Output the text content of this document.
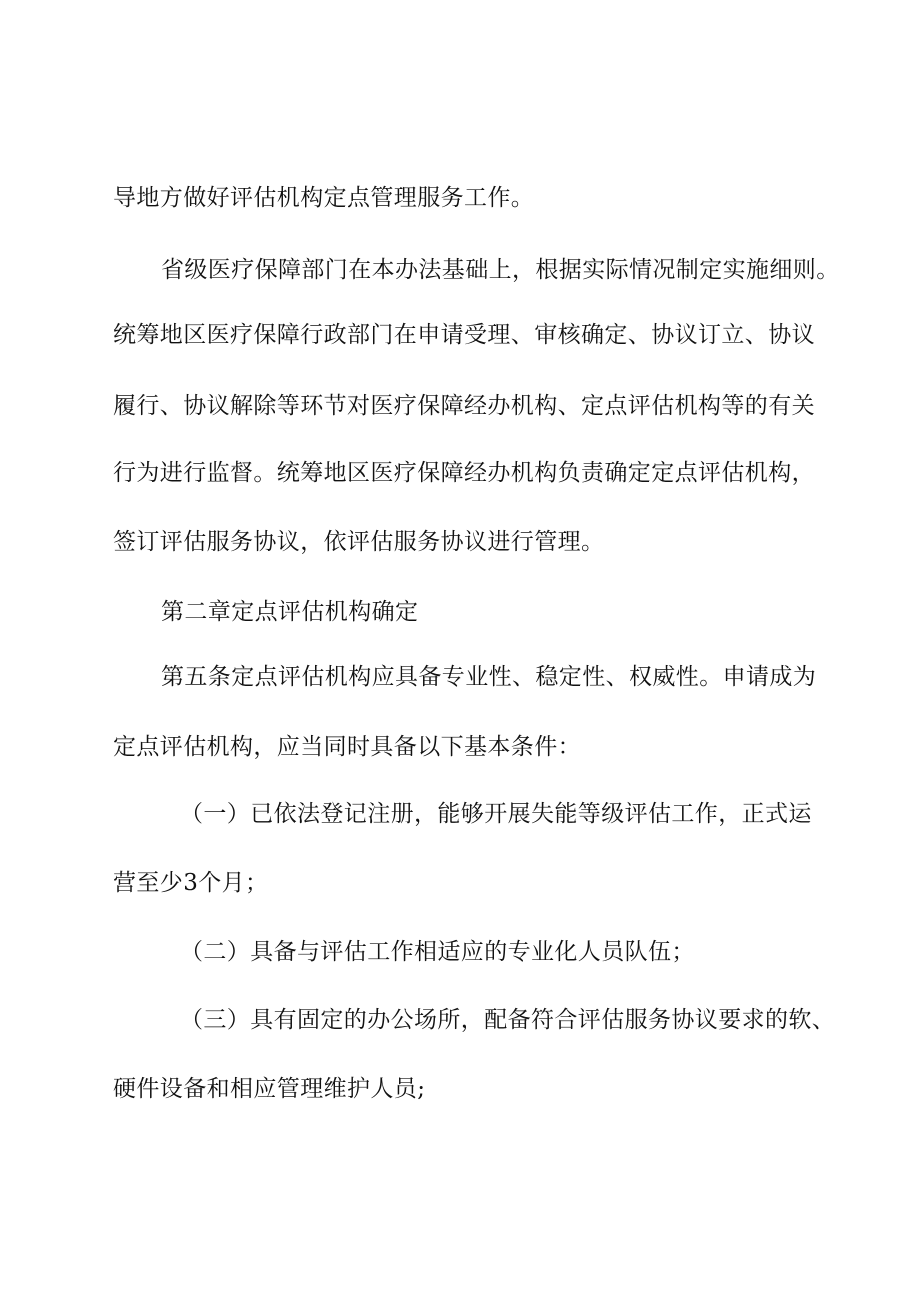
导地方做好评估机构定点管理服务工作。
省级医疗保障部门在本办法基础上，根据实际情况制定实施细则。
统筹地区医疗保障行政部门在申请受理、审核确定、协议订立、协议
履行、协议解除等环节对医疗保障经办机构、定点评估机构等的有关
行为进行监督。统筹地区医疗保障经办机构负责确定定点评估机构，
签订评估服务协议，依评估服务协议进行管理。
第二章定点评估机构确定
第五条定点评估机构应具备专业性、稳定性、权威性。申请成为
定点评估机构，应当同时具备以下基本条件：
（一）已依法登记注册，能够开展失能等级评估工作，正式运
营至少3个月；
（二）具备与评估工作相适应的专业化人员队伍；
（三）具有固定的办公场所，配备符合评估服务协议要求的软、
硬件设备和相应管理维护人员;
